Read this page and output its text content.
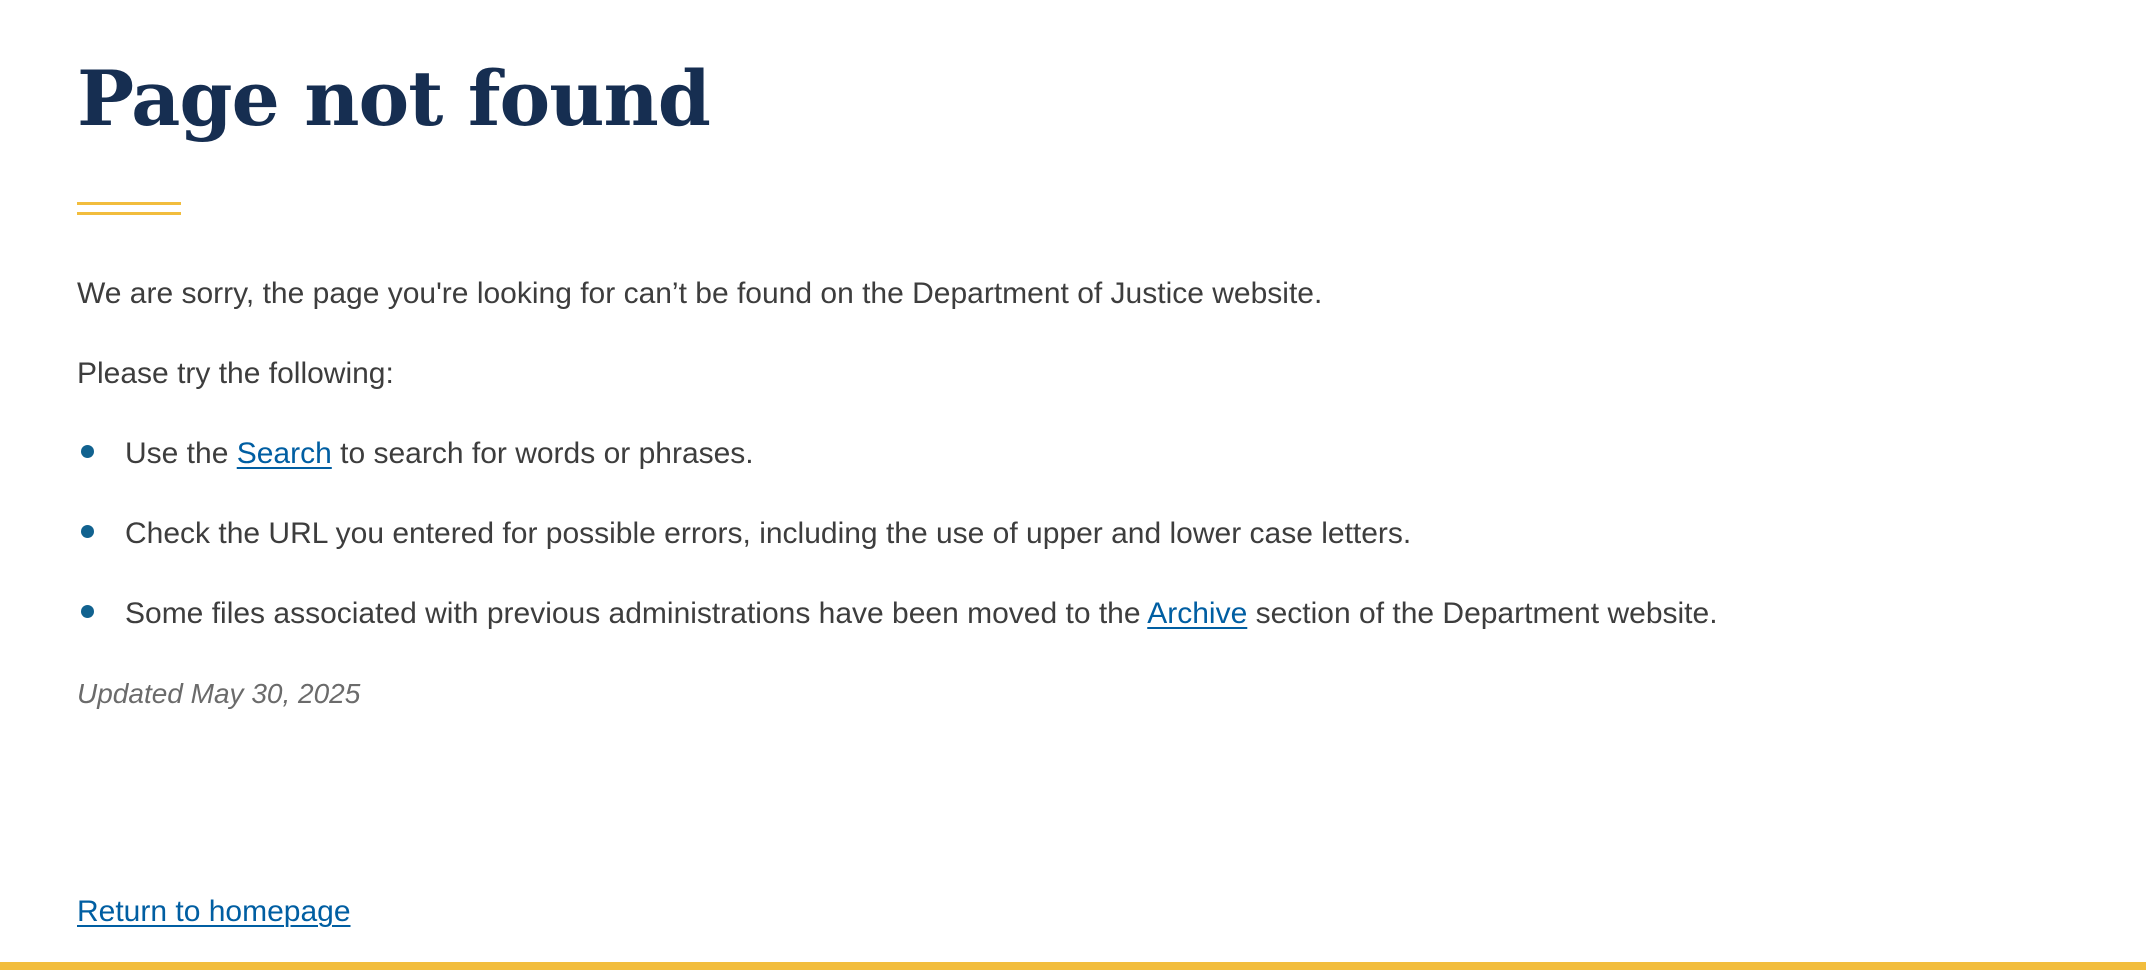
Page not found

We are sorry, the page you're looking for can’t be found on the Department of Justice website.

Please try the following:

Use the Search to search for words or phrases.
Check the URL you entered for possible errors, including the use of upper and lower case letters.
Some files associated with previous administrations have been moved to the Archive section of the Department website.

Updated May 30, 2025

Return to homepage
